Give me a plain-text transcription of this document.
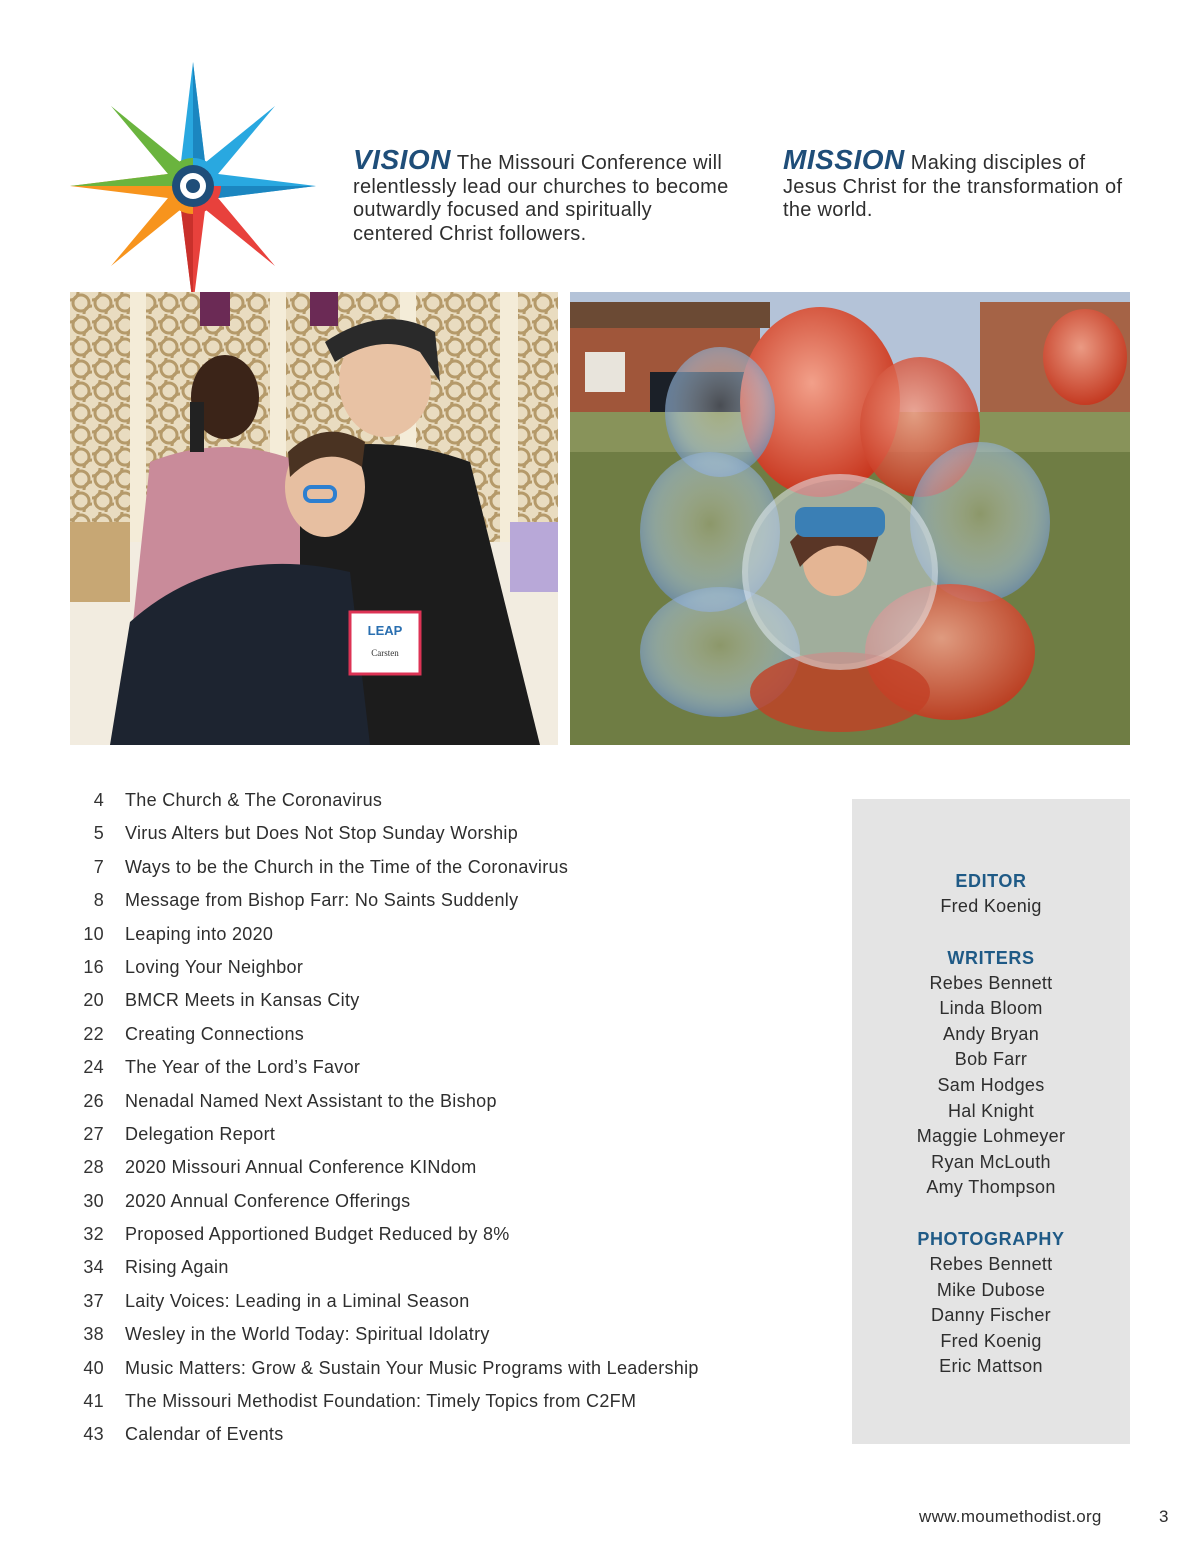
VISION The Missouri Conference will relentlessly lead our churches to become outwardly focused and spiritually centered Christ followers.
MISSION Making disciples of Jesus Christ for the transformation of the world.
LEAP
Carsten
4 The Church & The Coronavirus
5 Virus Alters but Does Not Stop Sunday Worship
7 Ways to be the Church in the Time of the Coronavirus
8 Message from Bishop Farr: No Saints Suddenly
10 Leaping into 2020
16 Loving Your Neighbor
20 BMCR Meets in Kansas City
22 Creating Connections
24 The Year of the Lord’s Favor
26 Nenadal Named Next Assistant to the Bishop
27 Delegation Report
28 2020 Missouri Annual Conference KINdom
30 2020 Annual Conference Offerings
32 Proposed Apportioned Budget Reduced by 8%
34 Rising Again
37 Laity Voices: Leading in a Liminal Season
38 Wesley in the World Today: Spiritual Idolatry
40 Music Matters: Grow & Sustain Your Music Programs with Leadership
41 The Missouri Methodist Foundation: Timely Topics from C2FM
43 Calendar of Events
EDITOR
Fred Koenig
WRITERS
Rebes Bennett
Linda Bloom
Andy Bryan
Bob Farr
Sam Hodges
Hal Knight
Maggie Lohmeyer
Ryan McLouth
Amy Thompson
PHOTOGRAPHY
Rebes Bennett
Mike Dubose
Danny Fischer
Fred Koenig
Eric Mattson
www.moumethodist.org	3
